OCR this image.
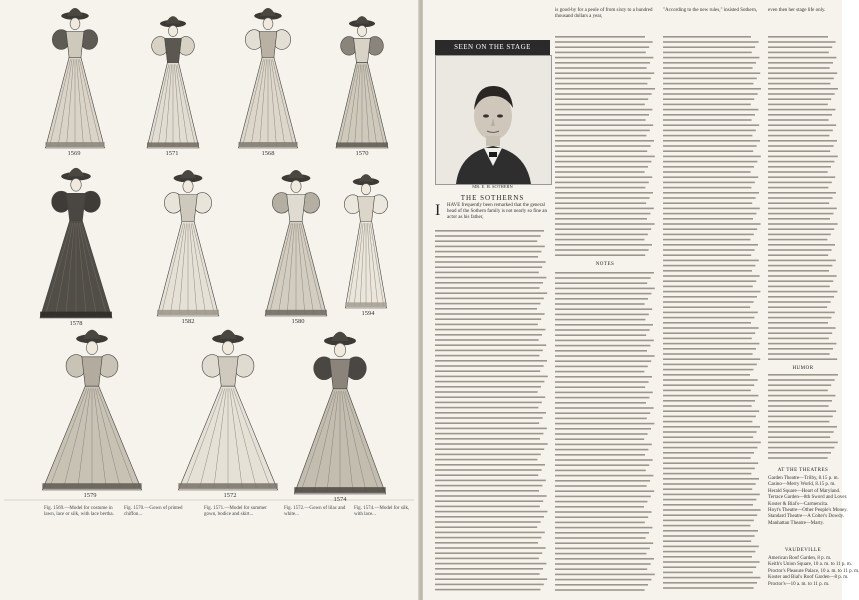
1569	1571	1568	1570
1578	1582	1580
1594
1579	1572
1574
Fig. 1569.—Model for costume in lawn, lace or silk, with lace bertha.
Fig. 1570.—Gown of printed chiffon...
Fig. 1571.—Model for summer gown, bodice and skirt...
Fig. 1572.—Gown of lilac and white...
Fig. 1574.—Model for silk, with lace...
SEEN ON THE STAGE
MR. E. H. SOTHERN
THE SOTHERNS
I HAVE frequently been remarked that the general head of the Sothern family is not nearly so fine an actor as his father,
is good-by for a peole of from sixty to a hundred thousand dollars a year,
NOTES
"According to the new rules," insisted Sothern,	even then her stage life only.
HUMOR
AT THE THEATRES
Garden Theatre—Trilby, 8.15 p. m.
Casino—Merry World, 8.15 p. m.
Herald Square—Heart of Maryland.
Terrace Garden—8th Sword and Lover.
Koster & Bial's—Carmencita.
Hoyt's Theatre—Other People's Money.
Standard Theatre—A Colter's Dowdy.
Manhattan Theatre—Marty.
VAUDEVILLE
American Roof Garden, 8 p. m.
Keith's Union Square, 10 a. m. to 11 p. m.
Proctor's Pleasure Palace, 10 a. m. to 11 p. m.
Koster and Bial's Roof Garden—8 p. m.
Proctor's—10 a. m. to 11 p. m.
